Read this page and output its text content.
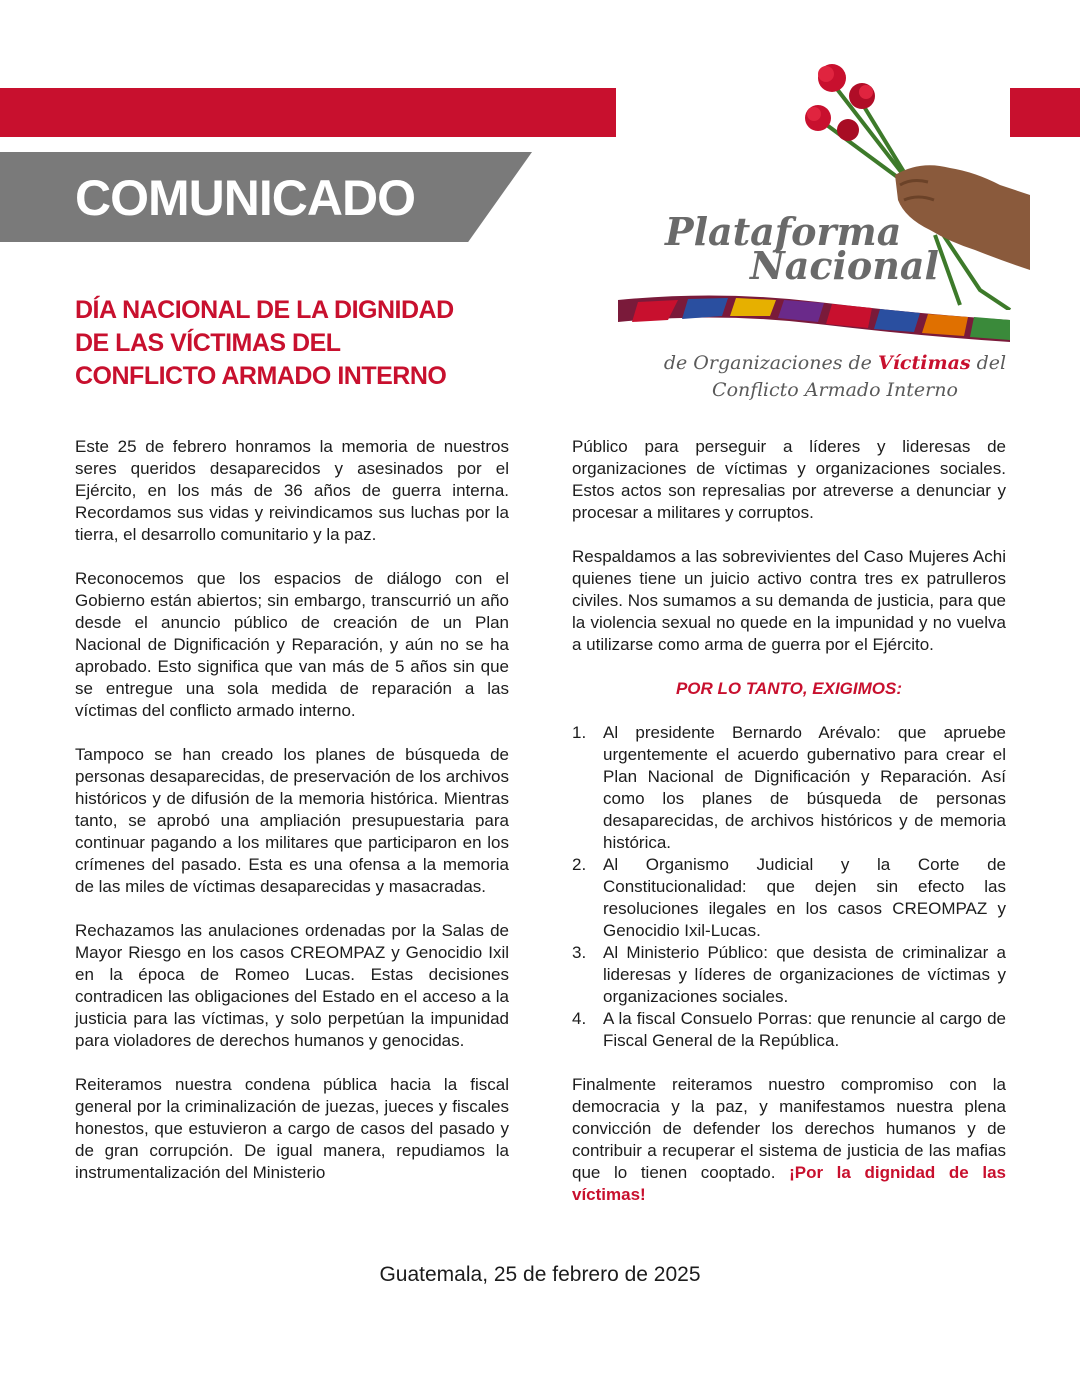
COMUNICADO
DÍA NACIONAL DE LA DIGNIDAD
DE LAS VÍCTIMAS DEL
CONFLICTO ARMADO INTERNO

Plataforma

Nacional

de Organizaciones de Víctimas del
Conflicto Armado Interno

Este 25 de febrero honramos la memoria de nuestros seres queridos desaparecidos y asesinados por el Ejército, en los más de 36 años de guerra interna. Recordamos sus vidas y reivindicamos sus luchas por la tierra, el desarrollo comunitario y la paz.

Reconocemos que los espacios de diálogo con el Gobierno están abiertos; sin embargo, transcurrió un año desde el anuncio público de creación de un Plan Nacional de Dignificación y Reparación, y aún no se ha aprobado. Esto significa que van más de 5 años sin que se entregue una sola medida de reparación a las víctimas del conflicto armado interno.

Tampoco se han creado los planes de búsqueda de personas desaparecidas, de preservación de los archivos históricos y de difusión de la memoria histórica. Mientras tanto, se aprobó una ampliación presupuestaria para continuar pagando a los militares que participaron en los crímenes del pasado. Esta es una ofensa a la memoria de las miles de víctimas desaparecidas y masacradas.

Rechazamos las anulaciones ordenadas por la Salas de Mayor Riesgo en los casos CREOMPAZ y Genocidio Ixil en la época de Romeo Lucas. Estas decisiones contradicen las obligaciones del Estado en el acceso a la justicia para las víctimas, y solo perpetúan la impunidad para violadores de derechos humanos y genocidas.

Reiteramos nuestra condena pública hacia la fiscal general por la criminalización de juezas, jueces y fiscales honestos, que estuvieron a cargo de casos del pasado y de gran corrupción. De igual manera, repudiamos la instrumentalización del Ministerio

Público para perseguir a líderes y lideresas de organizaciones de víctimas y organizaciones sociales. Estos actos son represalias por atreverse a denunciar y procesar a militares y corruptos.

Respaldamos a las sobrevivientes del Caso Mujeres Achi quienes tiene un juicio activo contra tres ex patrulleros civiles. Nos sumamos a su demanda de justicia, para que la violencia sexual no quede en la impunidad y no vuelva a utilizarse como arma de guerra por el Ejército.

POR LO TANTO, EXIGIMOS:

1. Al presidente Bernardo Arévalo: que apruebe urgentemente el acuerdo gubernativo para crear el Plan Nacional de Dignificación y Reparación. Así como los planes de búsqueda de personas desaparecidas, de archivos históricos y de memoria histórica.
2. Al Organismo Judicial y la Corte de Constitucionalidad: que dejen sin efecto las resoluciones ilegales en los casos CREOMPAZ y Genocidio Ixil-Lucas.
3. Al Ministerio Público: que desista de criminalizar a lideresas y líderes de organizaciones de víctimas y organizaciones sociales.
4. A la fiscal Consuelo Porras: que renuncie al cargo de Fiscal General de la República.

Finalmente reiteramos nuestro compromiso con la democracia y la paz, y manifestamos nuestra plena convicción de defender los derechos humanos y de contribuir a recuperar el sistema de justicia de las mafias que lo tienen cooptado. ¡Por la dignidad de las víctimas!

Guatemala, 25 de febrero de 2025
